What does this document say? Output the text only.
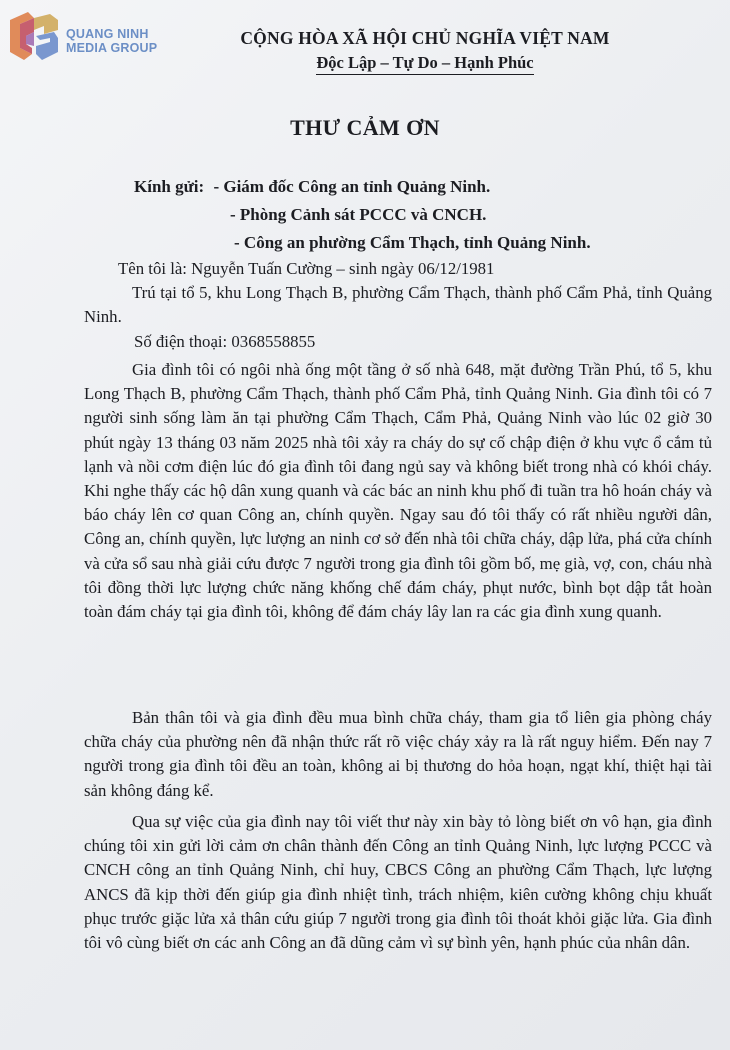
QUANG NINH
MEDIA GROUP	CỘNG HÒA XÃ HỘI CHỦ NGHĨA VIỆT NAM
Độc Lập – Tự Do – Hạnh Phúc
THƯ CẢM ƠN
Kính gửi: - Giám đốc Công an tỉnh Quảng Ninh.
- Phòng Cảnh sát PCCC và CNCH.
- Công an phường Cẩm Thạch, tỉnh Quảng Ninh.
Tên tôi là: Nguyễn Tuấn Cường – sinh ngày 06/12/1981
Trú tại tổ 5, khu Long Thạch B, phường Cẩm Thạch, thành phố Cẩm Phả, tỉnh Quảng Ninh.
Số điện thoại: 0368558855
Gia đình tôi có ngôi nhà ống một tầng ở số nhà 648, mặt đường Trần Phú, tổ 5, khu Long Thạch B, phường Cẩm Thạch, thành phố Cẩm Phả, tỉnh Quảng Ninh. Gia đình tôi có 7 người sinh sống làm ăn tại phường Cẩm Thạch, Cẩm Phả, Quảng Ninh vào lúc 02 giờ 30 phút ngày 13 tháng 03 năm 2025 nhà tôi xảy ra cháy do sự cố chập điện ở khu vực ổ cắm tủ lạnh và nồi cơm điện lúc đó gia đình tôi đang ngủ say và không biết trong nhà có khói cháy. Khi nghe thấy các hộ dân xung quanh và các bác an ninh khu phố đi tuần tra hô hoán cháy và báo cháy lên cơ quan Công an, chính quyền. Ngay sau đó tôi thấy có rất nhiều người dân, Công an, chính quyền, lực lượng an ninh cơ sở đến nhà tôi chữa cháy, dập lửa, phá cửa chính và cửa sổ sau nhà giải cứu được 7 người trong gia đình tôi gồm bố, mẹ già, vợ, con, cháu nhà tôi đồng thời lực lượng chức năng khống chế đám cháy, phụt nước, bình bọt dập tắt hoàn toàn đám cháy tại gia đình tôi, không để đám cháy lây lan ra các gia đình xung quanh.
Bản thân tôi và gia đình đều mua bình chữa cháy, tham gia tổ liên gia phòng cháy chữa cháy của phường nên đã nhận thức rất rõ việc cháy xảy ra là rất nguy hiểm. Đến nay 7 người trong gia đình tôi đều an toàn, không ai bị thương do hỏa hoạn, ngạt khí, thiệt hại tài sản không đáng kể.
Qua sự việc của gia đình nay tôi viết thư này xin bày tỏ lòng biết ơn vô hạn, gia đình chúng tôi xin gửi lời cảm ơn chân thành đến Công an tỉnh Quảng Ninh, lực lượng PCCC và CNCH công an tỉnh Quảng Ninh, chỉ huy, CBCS Công an phường Cẩm Thạch, lực lượng ANCS đã kịp thời đến giúp gia đình nhiệt tình, trách nhiệm, kiên cường không chịu khuất phục trước giặc lửa xả thân cứu giúp 7 người trong gia đình tôi thoát khỏi giặc lửa. Gia đình tôi vô cùng biết ơn các anh Công an đã dũng cảm vì sự bình yên, hạnh phúc của nhân dân.
